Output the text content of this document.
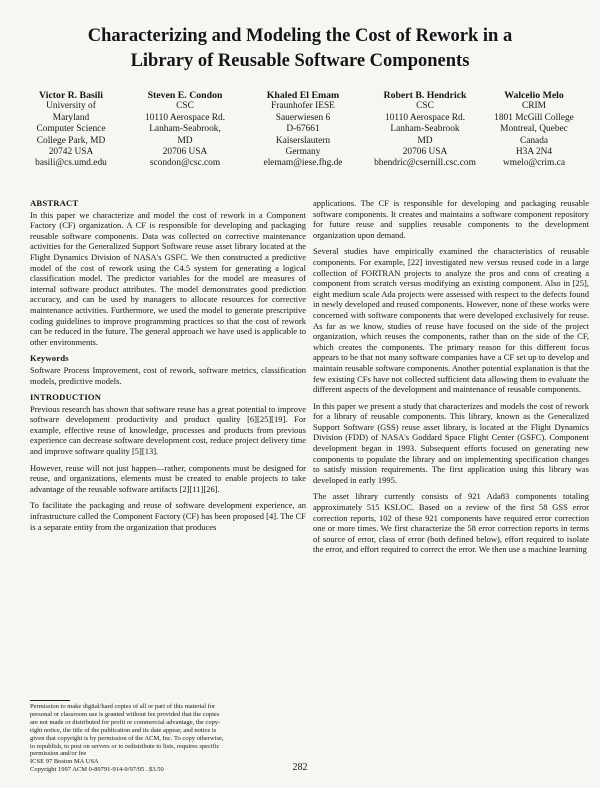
Characterizing and Modeling the Cost of Rework in a
Library of Reusable Software Components
Victor R. Basili
University of
Maryland
Computer Science
College Park, MD
20742 USA
basili@cs.umd.edu
Steven E. Condon
CSC
10110 Aerospace Rd.
Lanham-Seabrook,
MD
20706 USA
scondon@csc.com
Khaled El Emam
Fraunhofer IESE
Sauerwiesen 6
D-67661
Kaiserslautern
Germany
elemam@iese.fhg.de
Robert B. Hendrick
CSC
10110 Aerospace Rd.
Lanham-Seabrook
MD
20706 USA
bhendric@csernill.csc.com
Walcelio Melo
CRIM
1801 McGill College
Montreal, Quebec
Canada
H3A 2N4
wmelo@crim.ca
ABSTRACT

In this paper we characterize and model the cost of rework in a Component Factory (CF) organization. A CF is responsible for developing and packaging reusable software components. Data was collected on corrective maintenance activities for the Generalized Support Software reuse asset library located at the Flight Dynamics Division of NASA's GSFC. We then constructed a predictive model of the cost of rework using the C4.5 system for generating a logical classification model. The predictor variables for the model are measures of internal software product attributes. The model demonstrates good prediction accuracy, and can be used by managers to allocate resources for corrective maintenance activities. Furthermore, we used the model to generate prescriptive coding guidelines to improve programming practices so that the cost of rework can be reduced in the future. The general approach we have used is applicable to other environments.

Keywords

Software Process Improvement, cost of rework, software metrics, classification models, predictive models.

INTRODUCTION

Previous research has shown that software reuse has a great potential to improve software development productivity and product quality [6][25][19]. For example, effective reuse of knowledge, processes and products from previous experience can decrease software development cost, reduce project delivery time and improve software quality [5][13].

However, reuse will not just happen—rather, components must be designed for reuse, and organizations, elements must be created to enable projects to take advantage of the reusable software artifacts [2][11][26].

To facilitate the packaging and reuse of software development experience, an infrastructure called the Component Factory (CF) has been proposed [4]. The CF is a separate entity from the organization that produces

Permission to make digital/hard copies of all or part of this material for

personal or classroom use is granted without fee provided that the copies

are not made or distributed for profit or commercial advantage, the copy-

right notice, the title of the publication and its date appear, and notice is

given that copyright is by permission of the ACM, Inc. To copy otherwise,

to republish, to post on servers or to redistribute to lists, requires specific

permission and/or fee

ICSE 97 Boston MA USA

Copyright 1997 ACM 0-89791-914-9/97/05 ..$3.50

applications. The CF is responsible for developing and packaging reusable software components. It creates and maintains a software component repository for future reuse and supplies reusable components to the development organization upon demand.

Several studies have empirically examined the characteristics of reusable components. For example, [22] investigated new versus reused code in a large collection of FORTRAN projects to analyze the pros and cons of creating a component from scratch versus modifying an existing component. Also in [25], eight medium scale Ada projects were assessed with respect to the defects found in newly developed and reused components. However, none of these works were concerned with software components that were developed exclusively for reuse. As far as we know, studies of reuse have focused on the side of the project organization, which reuses the components, rather than on the side of the CF, which creates the components. The primary reason for this different focus appears to be that not many software companies have a CF set up to develop and maintain reusable software components. Another potential explanation is that the few existing CFs have not collected sufficient data allowing them to evaluate the different aspects of the development and maintenance of reusable components.

In this paper we present a study that characterizes and models the cost of rework for a library of reusable components. This library, known as the Generalized Support Software (GSS) reuse asset library, is located at the Flight Dynamics Division (FDD) of NASA's Goddard Space Flight Center (GSFC). Component development began in 1993. Subsequent efforts focused on generating new components to populate the library and on implementing specification changes to satisfy mission requirements. The first application using this library was developed in early 1995.

The asset library currently consists of 921 Ada83 components totaling approximately 515 KSLOC. Based on a review of the first 58 GSS error correction reports, 102 of these 921 components have required error correction one or more times. We first characterize the 58 error correction reports in terms of source of error, class of error (both defined below), effort required to isolate the error, and effort required to correct the error. We then use a machine learning

282
